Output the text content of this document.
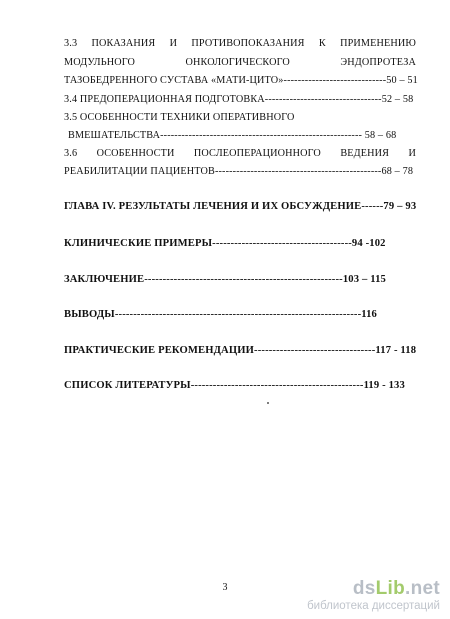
3.3 ПОКАЗАНИЯ И ПРОТИВОПОКАЗАНИЯ К ПРИМЕНЕНИЮ
МОДУЛЬНОГО	ОНКОЛОГИЧЕСКОГО	ЭНДОПРОТЕЗА
ТАЗОБЕДРЕННОГО СУСТАВА «МАТИ-ЦИТО»-----------------------------50 – 51
3.4 ПРЕДОПЕРАЦИОННАЯ ПОДГОТОВКА---------------------------------52 – 58
3.5 ОСОБЕННОСТИ ТЕХНИКИ ОПЕРАТИВНОГО
ВМЕШАТЕЛЬСТВА--------------------------------------------------------- 58 – 68
3.6 ОСОБЕННОСТИ ПОСЛЕОПЕРАЦИОННОГО ВЕДЕНИЯ И
РЕАБИЛИТАЦИИ ПАЦИЕНТОВ-----------------------------------------------68 – 78
ГЛАВА IV. РЕЗУЛЬТАТЫ ЛЕЧЕНИЯ И ИХ ОБСУЖДЕНИЕ------79 – 93
КЛИНИЧЕСКИЕ ПРИМЕРЫ--------------------------------------94 -102
ЗАКЛЮЧЕНИЕ------------------------------------------------------103 – 115
ВЫВОДЫ-------------------------------------------------------------------116
ПРАКТИЧЕСКИЕ РЕКОМЕНДАЦИИ---------------------------------117 - 118
СПИСОК ЛИТЕРАТУРЫ-----------------------------------------------119 - 133
3	dsLib.net
библиотека диссертаций
